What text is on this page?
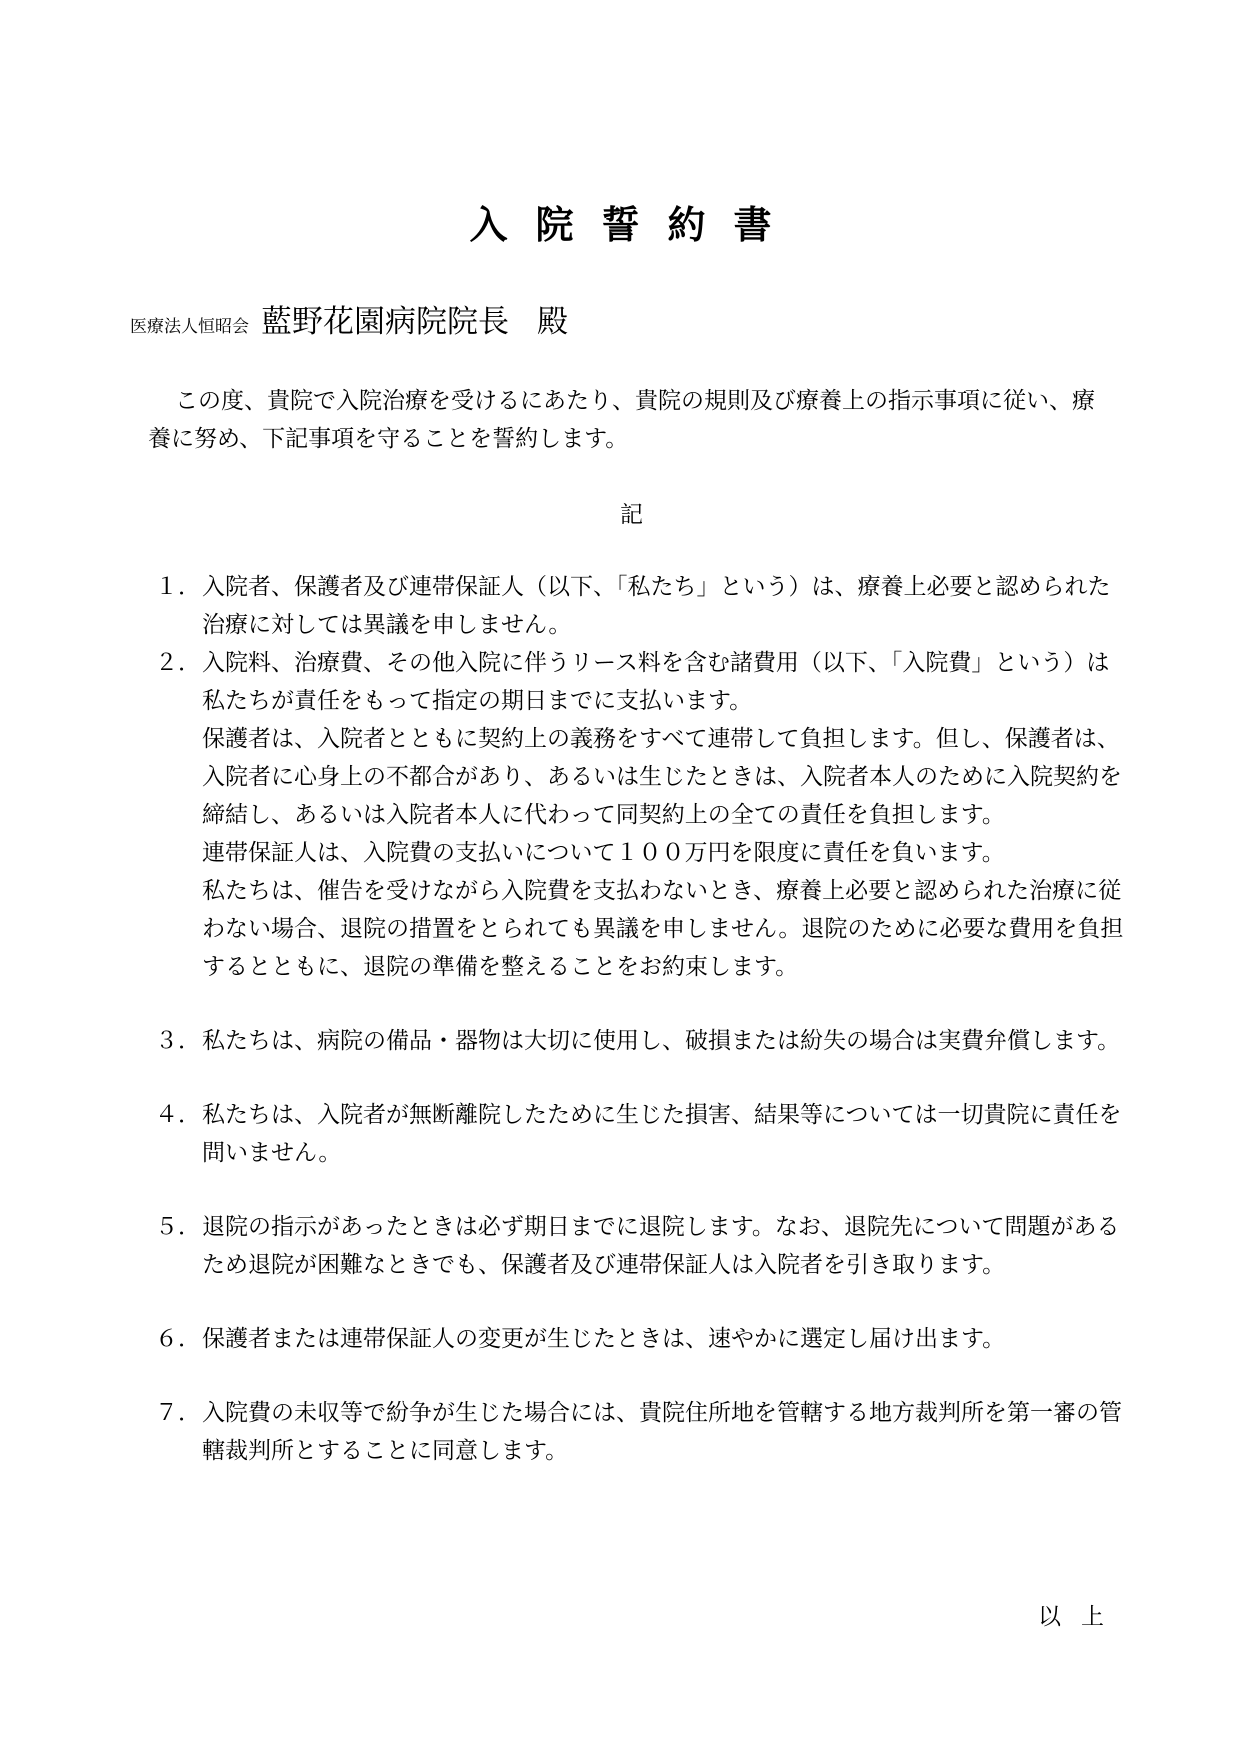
入院誓約書
医療法人恒昭会 藍野花園病院院長 殿
この度、貴院で入院治療を受けるにあたり、貴院の規則及び療養上の指示事項に従い、療養に努め、下記事項を守ることを誓約します。
記
１． 入院者、保護者及び連帯保証人（以下、「私たち」という）は、療養上必要と認められた治療に対しては異議を申しません。

２． 入院料、治療費、その他入院に伴うリース料を含む諸費用（以下、「入院費」という）は私たちが責任をもって指定の期日までに支払います。

保護者は、入院者とともに契約上の義務をすべて連帯して負担します。但し、保護者は、入院者に心身上の不都合があり、あるいは生じたときは、入院者本人のために入院契約を締結し、あるいは入院者本人に代わって同契約上の全ての責任を負担します。

連帯保証人は、入院費の支払いについて１００万円を限度に責任を負います。

私たちは、催告を受けながら入院費を支払わないとき、療養上必要と認められた治療に従わない場合、退院の措置をとられても異議を申しません。退院のために必要な費用を負担するとともに、退院の準備を整えることをお約束します。

３． 私たちは、病院の備品・器物は大切に使用し、破損または紛失の場合は実費弁償します。

４． 私たちは、入院者が無断離院したために生じた損害、結果等については一切貴院に責任を問いません。

５． 退院の指示があったときは必ず期日までに退院します。なお、退院先について問題があるため退院が困難なときでも、保護者及び連帯保証人は入院者を引き取ります。

６． 保護者または連帯保証人の変更が生じたときは、速やかに選定し届け出ます。

７． 入院費の未収等で紛争が生じた場合には、貴院住所地を管轄する地方裁判所を第一審の管轄裁判所とすることに同意します。

以上
